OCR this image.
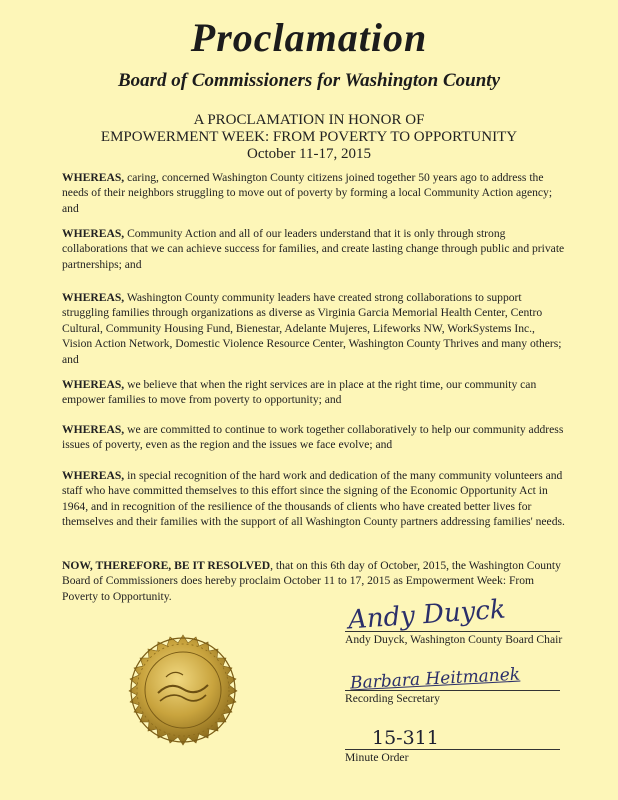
Proclamation
Board of Commissioners for Washington County
A PROCLAMATION IN HONOR OF
EMPOWERMENT WEEK: FROM POVERTY TO OPPORTUNITY
October 11-17, 2015
WHEREAS, caring, concerned Washington County citizens joined together 50 years ago to address the needs of their neighbors struggling to move out of poverty by forming a local Community Action agency; and
WHEREAS, Community Action and all of our leaders understand that it is only through strong collaborations that we can achieve success for families, and create lasting change through public and private partnerships; and
WHEREAS, Washington County community leaders have created strong collaborations to support struggling families through organizations as diverse as Virginia Garcia Memorial Health Center, Centro Cultural, Community Housing Fund, Bienestar, Adelante Mujeres, Lifeworks NW, WorkSystems Inc., Vision Action Network, Domestic Violence Resource Center, Washington County Thrives and many others; and
WHEREAS, we believe that when the right services are in place at the right time, our community can empower families to move from poverty to opportunity; and
WHEREAS, we are committed to continue to work together collaboratively to help our community address issues of poverty, even as the region and the issues we face evolve; and
WHEREAS, in special recognition of the hard work and dedication of the many community volunteers and staff who have committed themselves to this effort since the signing of the Economic Opportunity Act in 1964, and in recognition of the resilience of the thousands of clients who have created better lives for themselves and their families with the support of all Washington County partners addressing families' needs.
NOW, THEREFORE, BE IT RESOLVED, that on this 6th day of October, 2015, the Washington County Board of Commissioners does hereby proclaim October 11 to 17, 2015 as Empowerment Week: From Poverty to Opportunity.	Andy Duyck
Andy Duyck, Washington County Board Chair
Barbara Heitmanek
Recording Secretary
15-311
Minute Order
